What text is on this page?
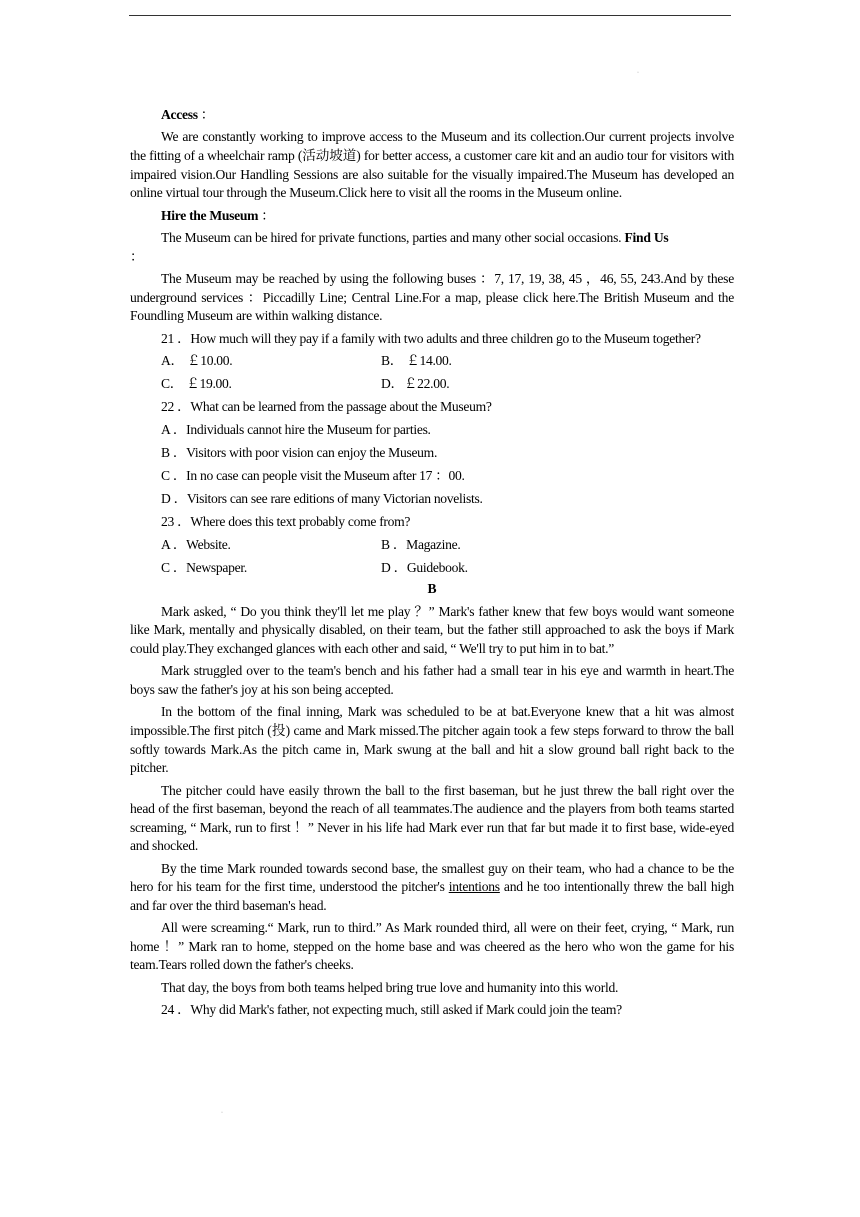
·
·
Access ：

We are constantly working to improve access to the Museum and its collection.Our current projects involve the fitting of a wheelchair ramp (活动坡道) for better access, a customer care kit and an audio tour for visitors with impaired vision.Our Handling Sessions are also suitable for the visually impaired.The Museum has developed an online virtual tour through the Museum.Click here to visit all the rooms in the Museum online.

Hire the Museum ：

The Museum can be hired for private functions, parties and many other social occasions. Find Us
：

The Museum may be reached by using the following buses ：7, 17, 19, 38, 45 ，46, 55, 243.And by these underground services ：Piccadilly Line; Central Line.For a map, please click here.The British Museum and the Foundling Museum are within walking distance.

21 ．How much will they pay if a family with two adults and three children go to the Museum together?
A． ￡10.00.	B． ￡14.00.
C． ￡19.00.	D．￡22.00.
22 ．What can be learned from the passage about the Museum?
A ．Individuals cannot hire the Museum for parties.
B ．Visitors with poor vision can enjoy the Museum.
C ．In no case can people visit the Museum after 17 ：00.
D ．Visitors can see rare editions of many Victorian novelists.
23 ．Where does this text probably come from?
A ．Website.	B ．Magazine.
C ．Newspaper.	D ．Guidebook.
B

Mark asked, “ Do you think they'll let me play ？” Mark's father knew that few boys would want someone like Mark, mentally and physically disabled, on their team, but the father still approached to ask the boys if Mark could play.They exchanged glances with each other and said, “ We'll try to put him in to bat.”

Mark struggled over to the team's bench and his father had a small tear in his eye and warmth in heart.The boys saw the father's joy at his son being accepted.

In the bottom of the final inning, Mark was scheduled to be at bat.Everyone knew that a hit was almost impossible.The first pitch (投) came and Mark missed.The pitcher again took a few steps forward to throw the ball softly towards Mark.As the pitch came in, Mark swung at the ball and hit a slow ground ball right back to the pitcher.

The pitcher could have easily thrown the ball to the first baseman, but he just threw the ball right over the head of the first baseman, beyond the reach of all teammates.The audience and the players from both teams started screaming, “ Mark, run to first ！” Never in his life had Mark ever run that far but made it to first base, wide-eyed and shocked.

By the time Mark rounded towards second base, the smallest guy on their team, who had a chance to be the hero for his team for the first time, understood the pitcher's intentions and he too intentionally threw the ball high and far over the third baseman's head.

All were screaming.“ Mark, run to third.” As Mark rounded third, all were on their feet, crying, “ Mark, run home ！” Mark ran to home, stepped on the home base and was cheered as the hero who won the game for his team.Tears rolled down the father's cheeks.

That day, the boys from both teams helped bring true love and humanity into this world.

24 ．Why did Mark's father, not expecting much, still asked if Mark could join the team?
